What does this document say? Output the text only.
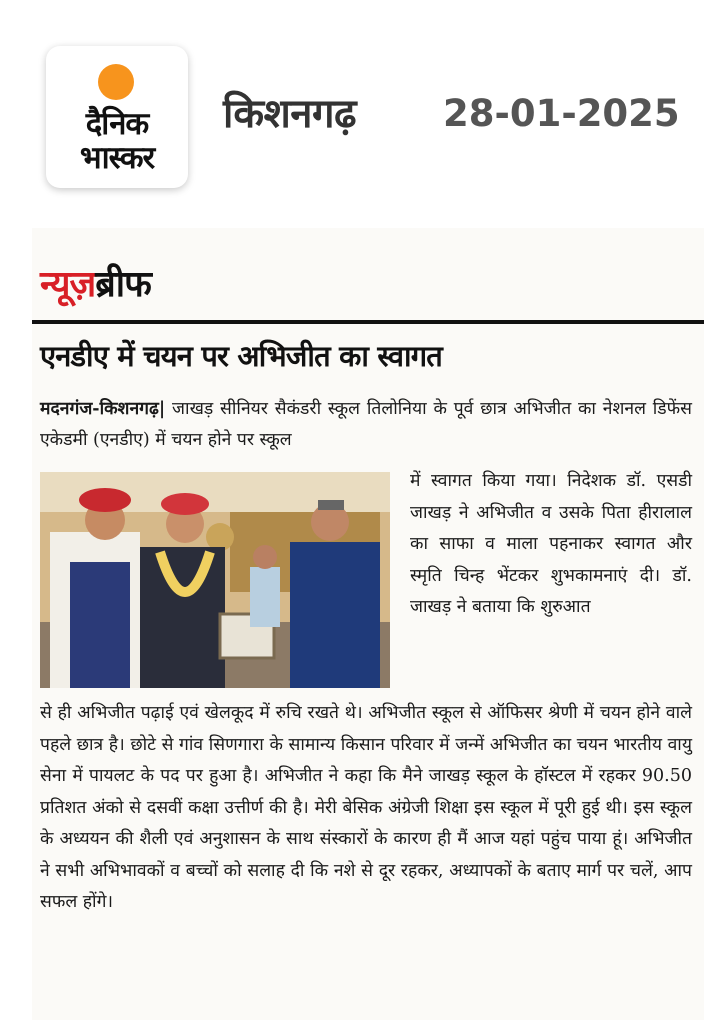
दैनिक
भास्कर
किशनगढ़ 28-01-2025
न्यूज़ब्रीफ
एनडीए में चयन पर अभिजीत का स्वागत
मदनगंज-किशनगढ़| जाखड़ सीनियर सैकंडरी स्कूल तिलोनिया के पूर्व छात्र अभिजीत का नेशनल डिफेंस एकेडमी (एनडीए) में चयन होने पर स्कूल
में स्वागत किया गया। निदेशक डॉ. एसडी जाखड़ ने अभिजीत व उसके पिता हीरालाल का साफा व माला पहनाकर स्वागत और स्मृति चिन्ह भेंटकर शुभकामनाएं दी। डॉ. जाखड़ ने बताया कि शुरुआत
से ही अभिजीत पढ़ाई एवं खेलकूद में रुचि रखते थे। अभिजीत स्कूल से ऑफिसर श्रेणी में चयन होने वाले पहले छात्र है। छोटे से गांव सिणगारा के सामान्य किसान परिवार में जन्में अभिजीत का चयन भारतीय वायु सेना में पायलट के पद पर हुआ है। अभिजीत ने कहा कि मैने जाखड़ स्कूल के हॉस्टल में रहकर 90.50 प्रतिशत अंको से दसवीं कक्षा उत्तीर्ण की है। मेरी बेसिक अंग्रेजी शिक्षा इस स्कूल में पूरी हुई थी। इस स्कूल के अध्ययन की शैली एवं अनुशासन के साथ संस्कारों के कारण ही मैं आज यहां पहुंच पाया हूं। अभिजीत ने सभी अभिभावकों व बच्चों को सलाह दी कि नशे से दूर रहकर, अध्यापकों के बताए मार्ग पर चलें, आप सफल होंगे।
